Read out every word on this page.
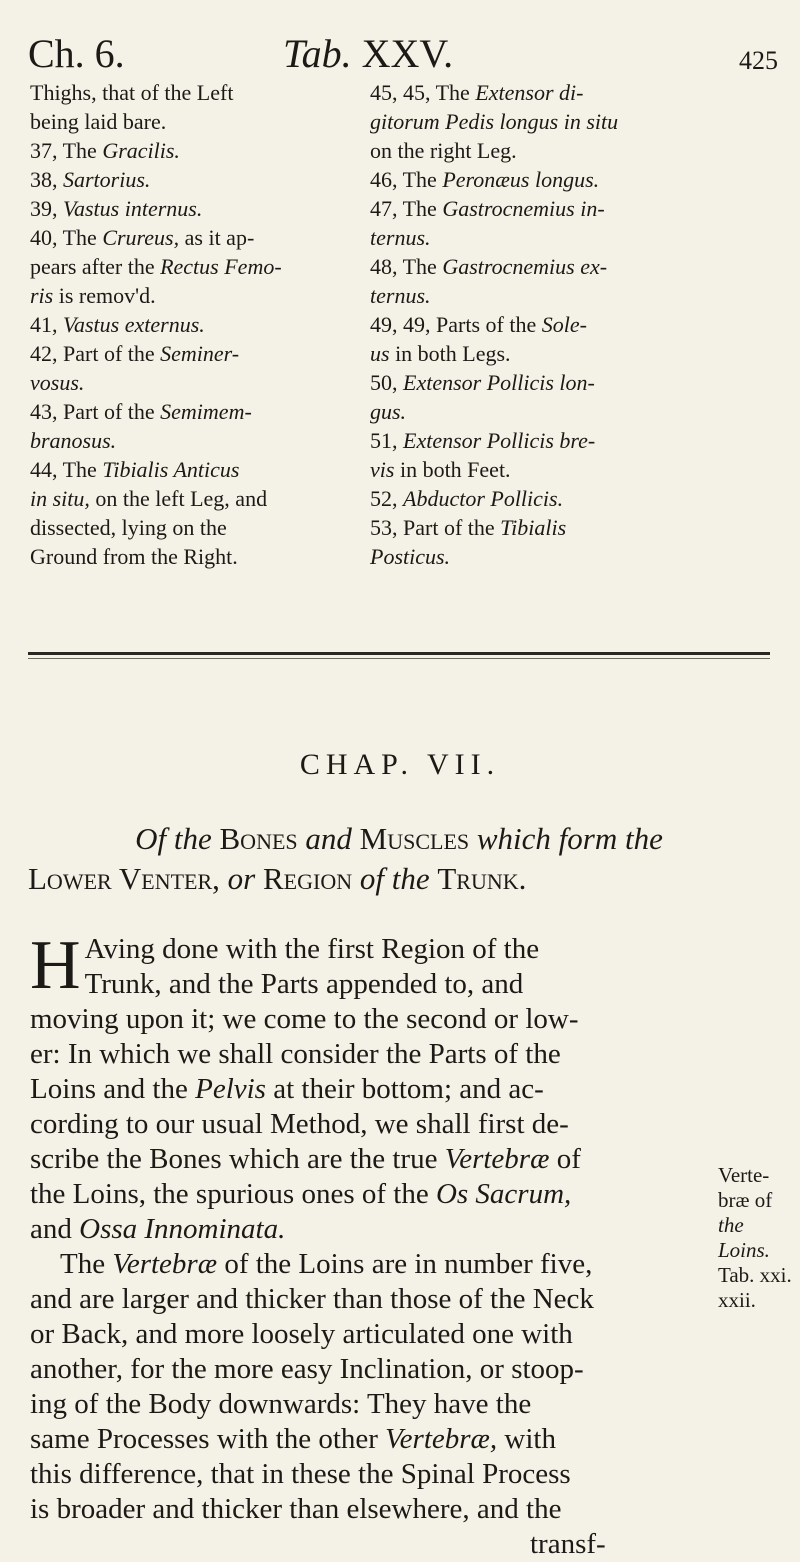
Ch. 6.	Tab. XXV.	425
Thighs, that of the Left
being laid bare.
37, The Gracilis.
38, Sartorius.
39, Vastus internus.
40, The Crureus, as it ap-
pears after the Rectus Femo-
ris is remov'd.
41, Vastus externus.
42, Part of the Seminer-
vosus.
43, Part of the Semimem-
branosus.
44, The Tibialis Anticus
in situ, on the left Leg, and
dissected, lying on the
Ground from the Right.
45, 45, The Extensor di-
gitorum Pedis longus in situ
on the right Leg.
46, The Peronæus longus.
47, The Gastrocnemius in-
ternus.
48, The Gastrocnemius ex-
ternus.
49, 49, Parts of the Sole-
us in both Legs.
50, Extensor Pollicis lon-
gus.
51, Extensor Pollicis bre-
vis in both Feet.
52, Abductor Pollicis.
53, Part of the Tibialis
Posticus.
CHAP. VII.
Of the Bones and Muscles which form the
Lower Venter, or Region of the Trunk.
H Aving done with the first Region of the
Trunk, and the Parts appended to, and
moving upon it; we come to the second or low-
er: In which we shall consider the Parts of the
Loins and the Pelvis at their bottom; and ac-
cording to our usual Method, we shall first de-
scribe the Bones which are the true Vertebræ of
the Loins, the spurious ones of the Os Sacrum,
and Ossa Innominata.
The Vertebræ of the Loins are in number five,
and are larger and thicker than those of the Neck
or Back, and more loosely articulated one with
another, for the more easy Inclination, or stoop-
ing of the Body downwards: They have the
same Processes with the other Vertebræ, with
this difference, that in these the Spinal Process
is broader and thicker than elsewhere, and the
transf-
Verte-
bræ of
the Loins.
Tab. xxi.
xxii.
